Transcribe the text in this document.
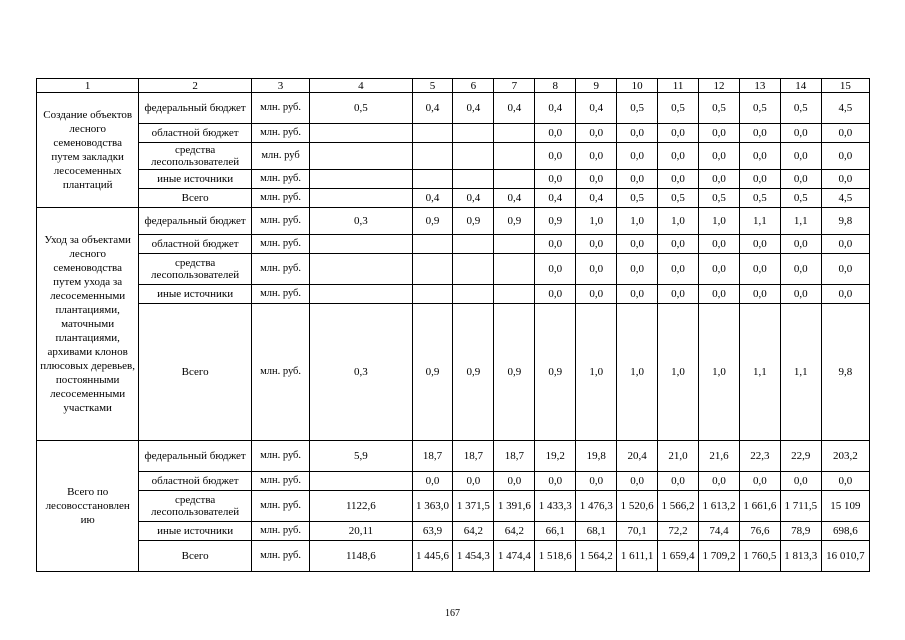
1	2	3	4	5	6	7	8	9	10	11	12	13	14	15
Создание объектов лесного семеноводства путем закладки лесосеменных плантаций	федеральный бюджет	млн. руб.	0,5	0,4	0,4	0,4	0,4	0,4	0,5	0,5	0,5	0,5	0,5	4,5
	областной бюджет	млн. руб.					0,0	0,0	0,0	0,0	0,0	0,0	0,0	0,0
	средства лесопользователей	млн. руб					0,0	0,0	0,0	0,0	0,0	0,0	0,0	0,0
	иные источники	млн. руб.					0,0	0,0	0,0	0,0	0,0	0,0	0,0	0,0
	Всего	млн. руб.		0,4	0,4	0,4	0,4	0,4	0,5	0,5	0,5	0,5	0,5	4,5
Уход за объектами лесного семеноводства путем ухода за лесосеменными плантациями, маточными плантациями, архивами клонов плюсовых деревьев, постоянными лесосеменными участками	федеральный бюджет	млн. руб.	0,3	0,9	0,9	0,9	0,9	1,0	1,0	1,0	1,0	1,1	1,1	9,8
	областной бюджет	млн. руб.					0,0	0,0	0,0	0,0	0,0	0,0	0,0	0,0
	средства лесопользователей	млн. руб.					0,0	0,0	0,0	0,0	0,0	0,0	0,0	0,0
	иные источники	млн. руб.					0,0	0,0	0,0	0,0	0,0	0,0	0,0	0,0
	Всего	млн. руб.	0,3	0,9	0,9	0,9	0,9	1,0	1,0	1,0	1,0	1,1	1,1	9,8
Всего по лесовосстановлен ию	федеральный бюджет	млн. руб.	5,9	18,7	18,7	18,7	19,2	19,8	20,4	21,0	21,6	22,3	22,9	203,2
	областной бюджет	млн. руб.		0,0	0,0	0,0	0,0	0,0	0,0	0,0	0,0	0,0	0,0	0,0
	средства лесопользователей	млн. руб.	1122,6	1 363,0	1 371,5	1 391,6	1 433,3	1 476,3	1 520,6	1 566,2	1 613,2	1 661,6	1 711,5	15 109
	иные источники	млн. руб.	20,11	63,9	64,2	64,2	66,1	68,1	70,1	72,2	74,4	76,6	78,9	698,6
	Всего	млн. руб.	1148,6	1 445,6	1 454,3	1 474,4	1 518,6	1 564,2	1 611,1	1 659,4	1 709,2	1 760,5	1 813,3	16 010,7
167
